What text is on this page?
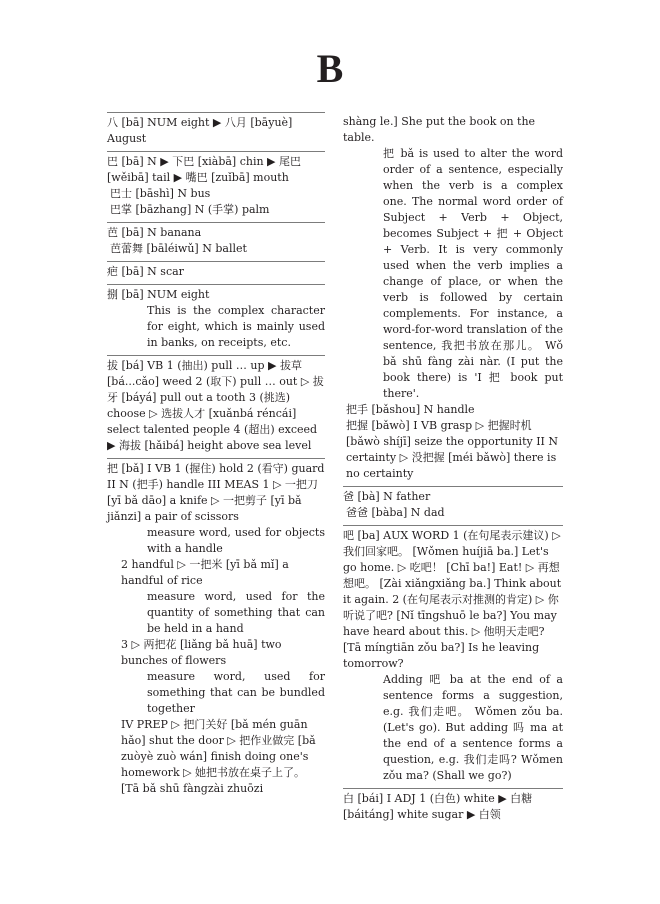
B
八 [bā] NUM eight ▶ 八月 [bāyuè] August
巴 [bā] N ▶ 下巴 [xiàbā] chin ▶ 尾巴 [wěibā] tail ▶ 嘴巴 [zuǐbā] mouth
巴士 [bāshì] N bus
巴掌 [bāzhang] N (手掌) palm
芭 [bā] N banana
芭蕾舞 [bāléiwǔ] N ballet
疤 [bā] N scar
捌 [bā] NUM eight
This is the complex character for eight, which is mainly used in banks, on receipts, etc.
拔 [bá] VB 1 (抽出) pull … up ▶ 拔草 [bá...cǎo] weed 2 (取下) pull … out ▷ 拔牙 [báyá] pull out a tooth 3 (挑选) choose ▷ 选拔人才 [xuǎnbá réncái] select talented people 4 (超出) exceed ▶ 海拔 [hǎibá] height above sea level
把 [bǎ] I VB 1 (握住) hold 2 (看守) guard II N (把手) handle III MEAS 1 ▷ 一把刀 [yī bǎ dāo] a knife ▷ 一把剪子 [yī bǎ jiǎnzi] a pair of scissors
measure word, used for objects with a handle
2 handful ▷ 一把米 [yī bǎ mǐ] a handful of rice
measure word, used for the quantity of something that can be held in a hand
3 ▷ 两把花 [liǎng bǎ huā] two bunches of flowers
measure word, used for something that can be bundled together
IV PREP ▷ 把门关好 [bǎ mén guān hǎo] shut the door ▷ 把作业做完 [bǎ zuòyè zuò wán] finish doing one's homework ▷ 她把书放在桌子上了。 [Tā bǎ shū fàngzài zhuōzi
shàng le.] She put the book on the table.
把 bǎ is used to alter the word order of a sentence, especially when the verb is a complex one. The normal word order of Subject + Verb + Object, becomes Subject + 把 + Object + Verb. It is very commonly used when the verb implies a change of place, or when the verb is followed by certain complements. For instance, a word-for-word translation of the sentence, 我把书放在那儿。 Wǒ bǎ shū fàng zài nàr. (I put the book there) is 'I 把 book put there'.
把手 [bǎshou] N handle
把握 [bǎwò] I VB grasp ▷ 把握时机 [bǎwò shíjī] seize the opportunity II N certainty ▷ 没把握 [méi bǎwò] there is no certainty
爸 [bà] N father
爸爸 [bàba] N dad
吧 [ba] AUX WORD 1 (在句尾表示建议) ▷ 我们回家吧。 [Wǒmen huíjiā ba.] Let's go home. ▷ 吃吧！ [Chī ba!] Eat! ▷ 再想想吧。 [Zài xiǎngxiǎng ba.] Think about it again. 2 (在句尾表示对推测的肯定) ▷ 你听说了吧? [Nǐ tīngshuō le ba?] You may have heard about this. ▷ 他明天走吧? [Tā míngtiān zǒu ba?] Is he leaving tomorrow?
Adding 吧 ba at the end of a sentence forms a suggestion, e.g. 我们走吧。 Wǒmen zǒu ba. (Let's go). But adding 吗 ma at the end of a sentence forms a question, e.g. 我们走吗? Wǒmen zǒu ma? (Shall we go?)
白 [bái] I ADJ 1 (白色) white ▶ 白糖 [báitáng] white sugar ▶ 白领
